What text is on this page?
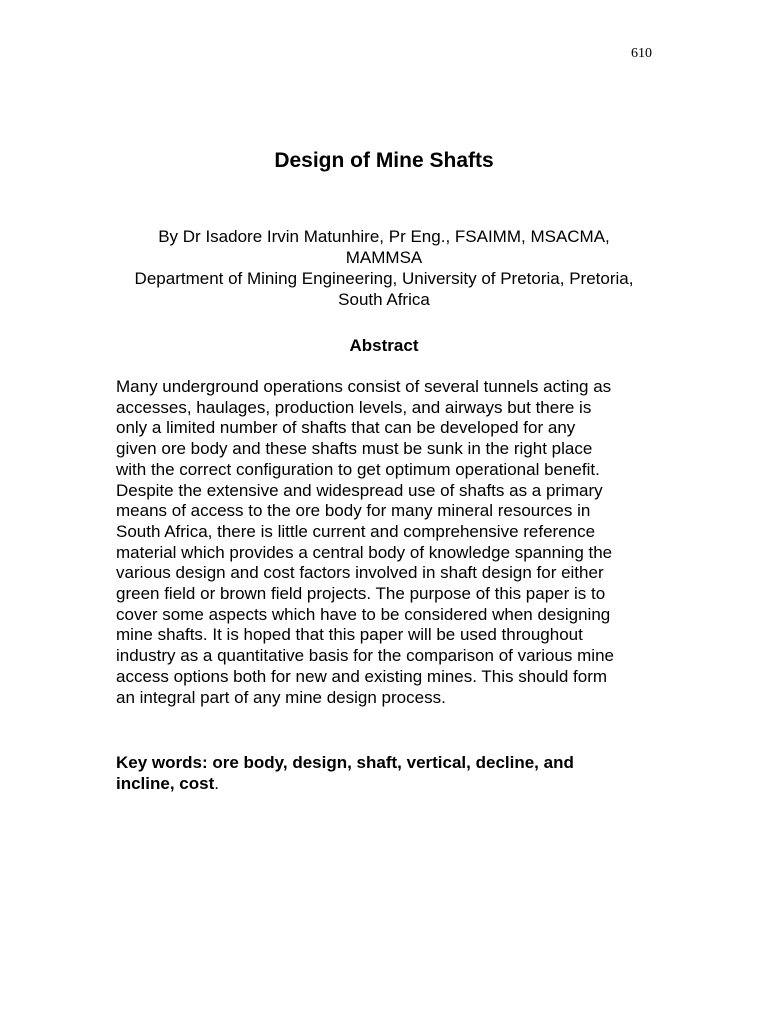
610
Design of Mine Shafts
By Dr Isadore Irvin Matunhire, Pr Eng., FSAIMM, MSACMA,
MAMMSA
Department of Mining Engineering, University of Pretoria, Pretoria,
South Africa
Abstract

Many underground operations consist of several tunnels acting as
accesses, haulages, production levels, and airways but there is
only a limited number of shafts that can be developed for any
given ore body and these shafts must be sunk in the right place
with the correct configuration to get optimum operational benefit.
Despite the extensive and widespread use of shafts as a primary
means of access to the ore body for many mineral resources in
South Africa, there is little current and comprehensive reference
material which provides a central body of knowledge spanning the
various design and cost factors involved in shaft design for either
green field or brown field projects. The purpose of this paper is to
cover some aspects which have to be considered when designing
mine shafts. It is hoped that this paper will be used throughout
industry as a quantitative basis for the comparison of various mine
access options both for new and existing mines. This should form
an integral part of any mine design process.

Key words: ore body, design, shaft, vertical, decline, and
incline, cost.
